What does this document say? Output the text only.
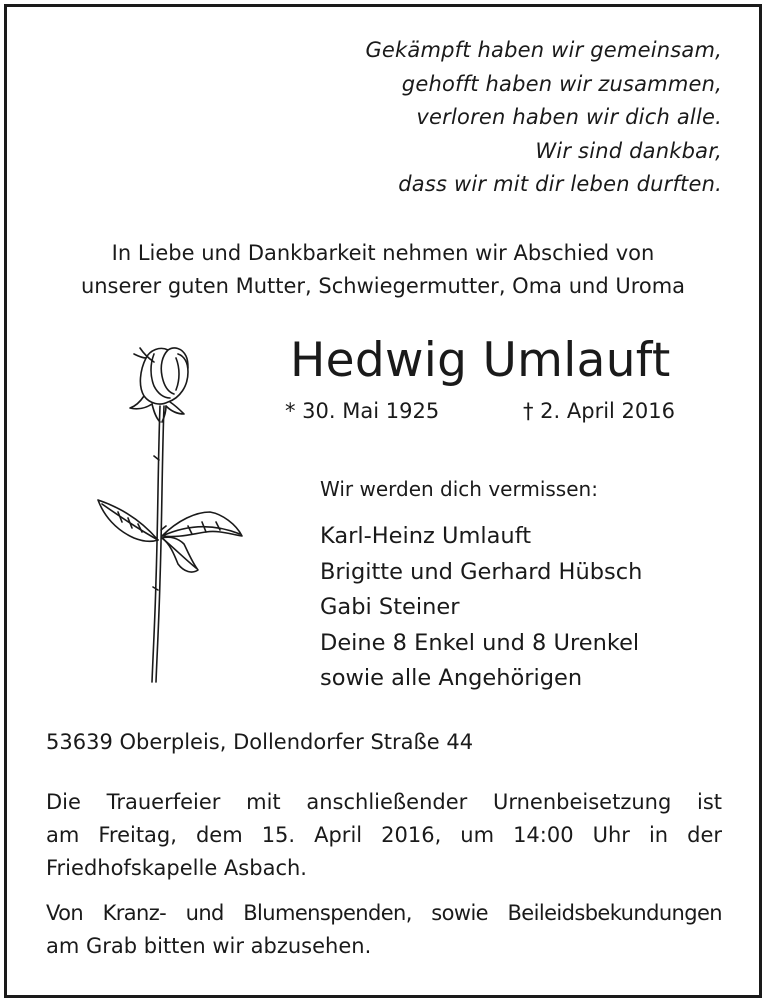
Gekämpft haben wir gemeinsam,
gehofft haben wir zusammen,
verloren haben wir dich alle.
Wir sind dankbar,
dass wir mit dir leben durften.
In Liebe und Dankbarkeit nehmen wir Abschied von
unserer guten Mutter, Schwiegermutter, Oma und Uroma
Hedwig Umlauft
* 30. Mai 1925	† 2. April 2016
Wir werden dich vermissen:
Karl-Heinz Umlauft
Brigitte und Gerhard Hübsch
Gabi Steiner
Deine 8 Enkel und 8 Urenkel
sowie alle Angehörigen
53639 Oberpleis, Dollendorfer Straße 44
Die Trauerfeier mit anschließender Urnenbeisetzung ist
am Freitag, dem 15. April 2016, um 14:00 Uhr in der
Friedhofskapelle Asbach.
Von Kranz- und Blumenspenden, sowie Beileidsbekundungen
am Grab bitten wir abzusehen.
